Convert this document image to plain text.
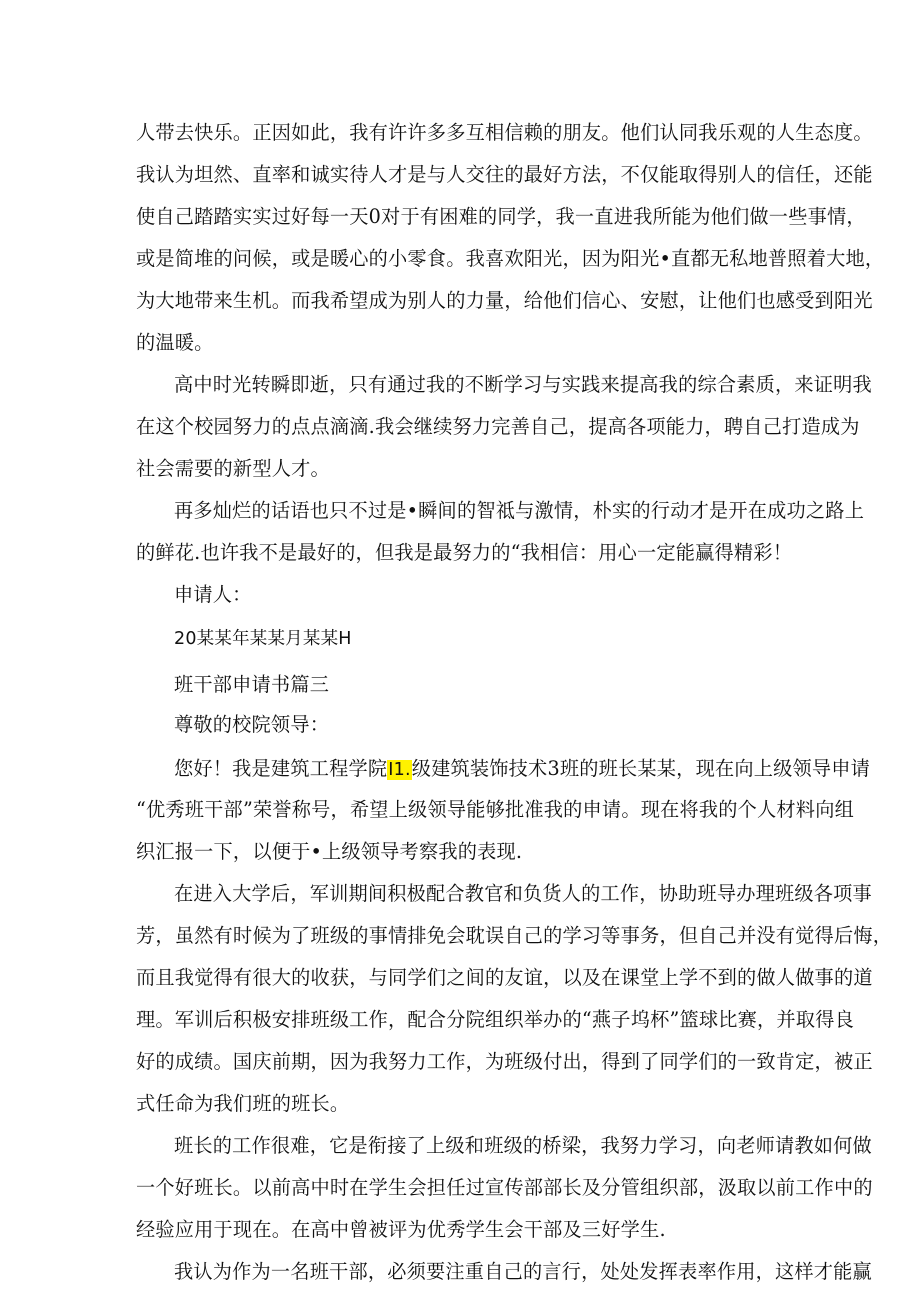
人带去快乐。正因如此，我有许许多多互相信赖的朋友。他们认同我乐观的人生态度。
我认为坦然、直率和诚实待人才是与人交往的最好方法，不仅能取得别人的信任，还能
使自己踏踏实实过好每一天0对于有困难的同学，我一直进我所能为他们做一些事情，
或是简堆的问候，或是暖心的小零食。我喜欢阳光，因为阳光•直都无私地普照着大地，
为大地带来生机。而我希望成为别人的力量，给他们信心、安慰，让他们也感受到阳光
的温暖。
高中时光转瞬即逝，只有通过我的不断学习与实践来提高我的综合素质，来证明我
在这个校园努力的点点滴滴.我会继续努力完善自己，提高各项能力，聘自己打造成为
社会需要的新型人才。
再多灿烂的话语也只不过是•瞬间的智祗与激情，朴实的行动才是开在成功之路上
的鲜花.也许我不是最好的，但我是最努力的“我相信：用心一定能赢得精彩！
申请人：
20某某年某某月某某H
班干部申请书篇三
尊敬的校院领导：
您好！我是建筑工程学院I1.级建筑装饰技术3班的班长某某，现在向上级领导申请
“优秀班干部”荣誉称号，希望上级领导能够批准我的申请。现在将我的个人材料向组
织汇报一下，以便于•上级领导考察我的表现.
在进入大学后，军训期间积极配合教官和负货人的工作，协助班导办理班级各项事
芳，虽然有时候为了班级的事情排免会耽误自己的学习等事务，但自己并没有觉得后悔，
而且我觉得有很大的收获，与同学们之间的友谊，以及在课堂上学不到的做人做事的道
理。军训后积极安排班级工作，配合分院组织举办的“燕子坞杯”篮球比赛，并取得良
好的成绩。国庆前期，因为我努力工作，为班级付出，得到了同学们的一致肯定，被正
式任命为我们班的班长。
班长的工作很难，它是衔接了上级和班级的桥梁，我努力学习，向老师请教如何做
一个好班长。以前高中时在学生会担任过宣传部部长及分管组织部，汲取以前工作中的
经验应用于现在。在高中曾被评为优秀学生会干部及三好学生.
我认为作为一名班干部，必须要注重自己的言行，处处发挥表率作用，这样才能赢
